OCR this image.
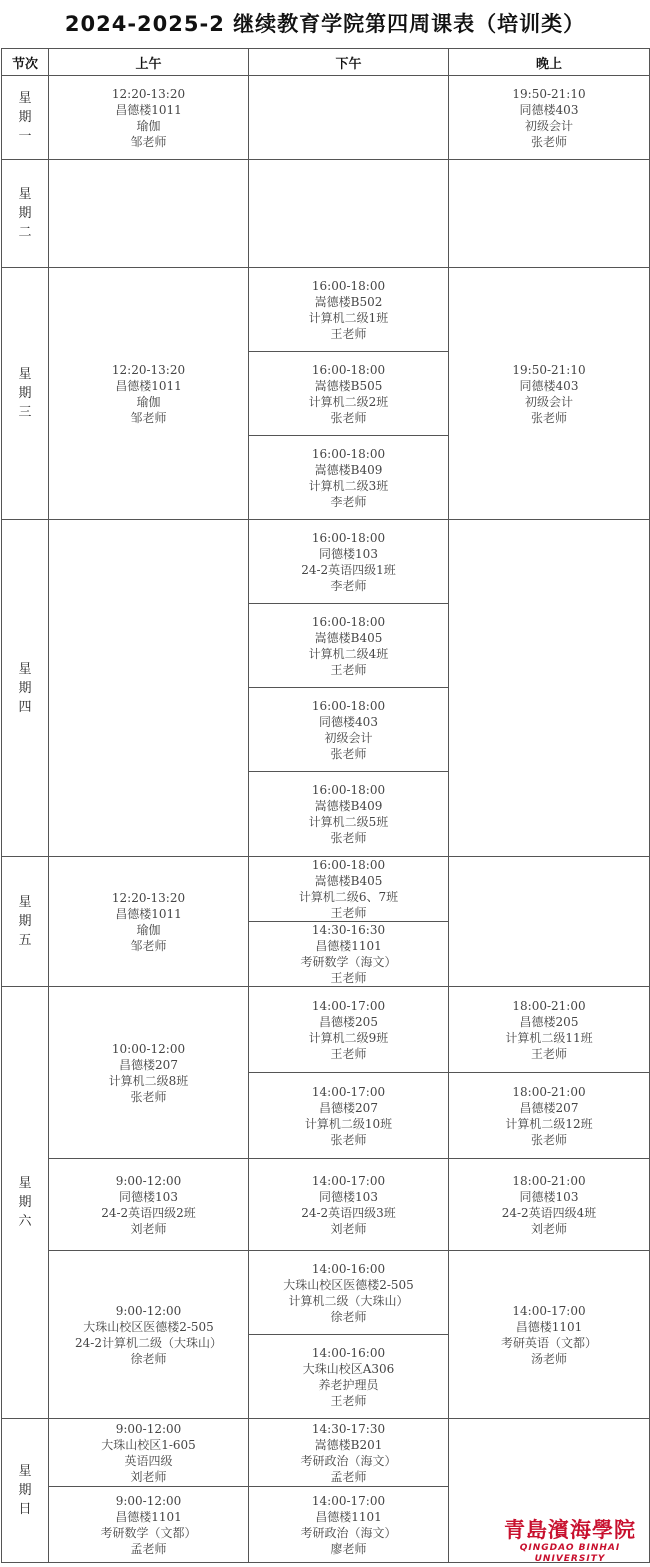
2024-2025-2 继续教育学院第四周课表（培训类）
节次	上午	下午	晚上
星期一	12:20-13:20
昌德楼1011
瑜伽
邹老师		19:50-21:10
同德楼403
初级会计
张老师

星期二			
星期三	12:20-13:20
昌德楼1011
瑜伽
邹老师	16:00-18:00
嵩德楼B502
计算机二级1班
王老师	19:50-21:10
同德楼403
初级会计
张老师

		16:00-18:00
嵩德楼B505
计算机二级2班
张老师	

		16:00-18:00
嵩德楼B409
计算机二级3班
李老师	

星期四		16:00-18:00
同德楼103
24-2英语四级1班
李老师	

		16:00-18:00
嵩德楼B405
计算机二级4班
王老师	

		16:00-18:00
同德楼403
初级会计
张老师	

		16:00-18:00
嵩德楼B409
计算机二级5班
张老师	

星期五	12:20-13:20
昌德楼1011
瑜伽
邹老师	16:00-18:00
嵩德楼B405
计算机二级6、7班
王老师	

		14:30-16:30
昌德楼1101
考研数学（海文）
王老师	

星期六	10:00-12:00
昌德楼207
计算机二级8班
张老师	14:00-17:00
昌德楼205
计算机二级9班
王老师	18:00-21:00
昌德楼205
计算机二级11班
王老师

		14:00-17:00
昌德楼207
计算机二级10班
张老师	18:00-21:00
昌德楼207
计算机二级12班
张老师

	9:00-12:00
同德楼103
24-2英语四级2班
刘老师	14:00-17:00
同德楼103
24-2英语四级3班
刘老师	18:00-21:00
同德楼103
24-2英语四级4班
刘老师

	9:00-12:00
大珠山校区医德楼2-505
24-2计算机二级（大珠山）
徐老师	14:00-16:00
大珠山校区医德楼2-505
计算机二级（大珠山）
徐老师	14:00-17:00
昌德楼1101
考研英语（文都）
汤老师

		14:00-16:00
大珠山校区A306
养老护理员
王老师	

星期日	9:00-12:00
大珠山校区1-605
英语四级
刘老师	14:30-17:30
嵩德楼B201
考研政治（海文）
孟老师	

	9:00-12:00
昌德楼1101
考研数学（文都）
孟老师	14:00-17:00
昌德楼1101
考研政治（海文）
廖老师	
青島濱海學院
QINGDAO BINHAI UNIVERSITY
